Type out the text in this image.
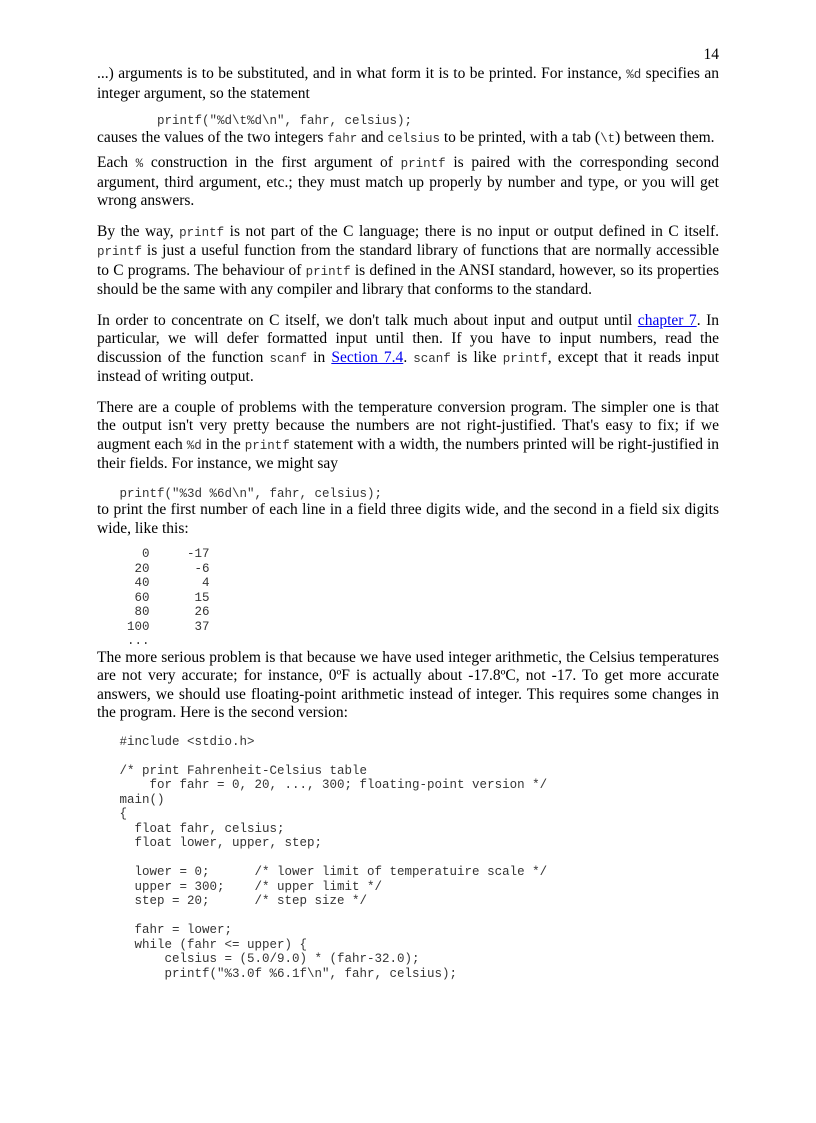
14

...) arguments is to be substituted, and in what form it is to be printed. For instance, %d specifies an integer argument, so the statement

printf("%d\t%d\n", fahr, celsius);

causes the values of the two integers fahr and celsius to be printed, with a tab (\t) between them.

Each % construction in the first argument of printf is paired with the corresponding second argument, third argument, etc.; they must match up properly by number and type, or you will get wrong answers.

By the way, printf is not part of the C language; there is no input or output defined in C itself. printf is just a useful function from the standard library of functions that are normally accessible to C programs. The behaviour of printf is defined in the ANSI standard, however, so its properties should be the same with any compiler and library that conforms to the standard.

In order to concentrate on C itself, we don't talk much about input and output until chapter 7. In particular, we will defer formatted input until then. If you have to input numbers, read the discussion of the function scanf in Section 7.4. scanf is like printf, except that it reads input instead of writing output.

There are a couple of problems with the temperature conversion program. The simpler one is that the output isn't very pretty because the numbers are not right-justified. That's easy to fix; if we augment each %d in the printf statement with a width, the numbers printed will be right-justified in their fields. For instance, we might say

printf("%3d %6d\n", fahr, celsius);

to print the first number of each line in a field three digits wide, and the second in a field six digits wide, like this:

0     -17
20      -6
40       4
60      15
80      26
100      37
...

The more serious problem is that because we have used integer arithmetic, the Celsius temperatures are not very accurate; for instance, 0ºF is actually about -17.8ºC, not -17. To get more accurate answers, we should use floating-point arithmetic instead of integer. This requires some changes in the program. Here is the second version:

#include <stdio.h>

/* print Fahrenheit-Celsius table
for fahr = 0, 20, ..., 300; floating-point version */
main()
{
float fahr, celsius;
float lower, upper, step;

lower = 0;      /* lower limit of temperatuire scale */
upper = 300;    /* upper limit */
step = 20;      /* step size */

fahr = lower;
while (fahr <= upper) {
celsius = (5.0/9.0) * (fahr-32.0);
printf("%3.0f %6.1f\n", fahr, celsius);
